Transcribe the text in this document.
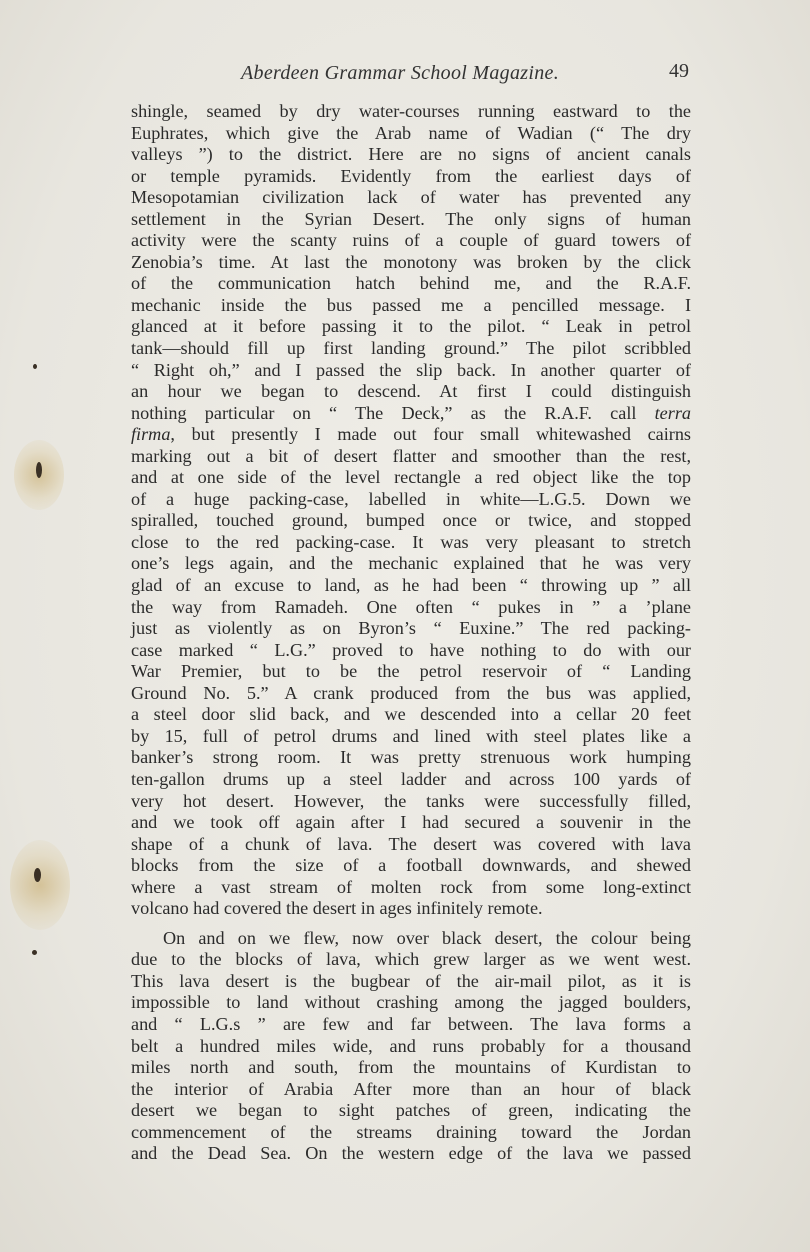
Aberdeen Grammar School Magazine.	49
shingle, seamed by dry water-courses running eastward to the
Euphrates, which give the Arab name of Wadian (“ The dry
valleys ”) to the district. Here are no signs of ancient canals
or temple pyramids. Evidently from the earliest days of
Mesopotamian civilization lack of water has prevented any
settlement in the Syrian Desert. The only signs of human
activity were the scanty ruins of a couple of guard towers of
Zenobia’s time. At last the monotony was broken by the click
of the communication hatch behind me, and the R.A.F.
mechanic inside the bus passed me a pencilled message. I
glanced at it before passing it to the pilot. “ Leak in petrol
tank—should fill up first landing ground.” The pilot scribbled
“ Right oh,” and I passed the slip back. In another quarter of
an hour we began to descend. At first I could distinguish
nothing particular on “ The Deck,” as the R.A.F. call terra
firma, but presently I made out four small whitewashed cairns
marking out a bit of desert flatter and smoother than the rest,
and at one side of the level rectangle a red object like the top
of a huge packing-case, labelled in white—L.G.5. Down we
spiralled, touched ground, bumped once or twice, and stopped
close to the red packing-case. It was very pleasant to stretch
one’s legs again, and the mechanic explained that he was very
glad of an excuse to land, as he had been “ throwing up ” all
the way from Ramadeh. One often “ pukes in ” a ’plane
just as violently as on Byron’s “ Euxine.” The red packing-
case marked “ L.G.” proved to have nothing to do with our
War Premier, but to be the petrol reservoir of “ Landing
Ground No. 5.” A crank produced from the bus was applied,
a steel door slid back, and we descended into a cellar 20 feet
by 15, full of petrol drums and lined with steel plates like a
banker’s strong room. It was pretty strenuous work humping
ten-gallon drums up a steel ladder and across 100 yards of
very hot desert. However, the tanks were successfully filled,
and we took off again after I had secured a souvenir in the
shape of a chunk of lava. The desert was covered with lava
blocks from the size of a football downwards, and shewed
where a vast stream of molten rock from some long-extinct
volcano had covered the desert in ages infinitely remote.
On and on we flew, now over black desert, the colour being
due to the blocks of lava, which grew larger as we went west.
This lava desert is the bugbear of the air-mail pilot, as it is
impossible to land without crashing among the jagged boulders,
and “ L.G.s ” are few and far between. The lava forms a
belt a hundred miles wide, and runs probably for a thousand
miles north and south, from the mountains of Kurdistan to
the interior of Arabia After more than an hour of black
desert we began to sight patches of green, indicating the
commencement of the streams draining toward the Jordan
and the Dead Sea. On the western edge of the lava we passed
